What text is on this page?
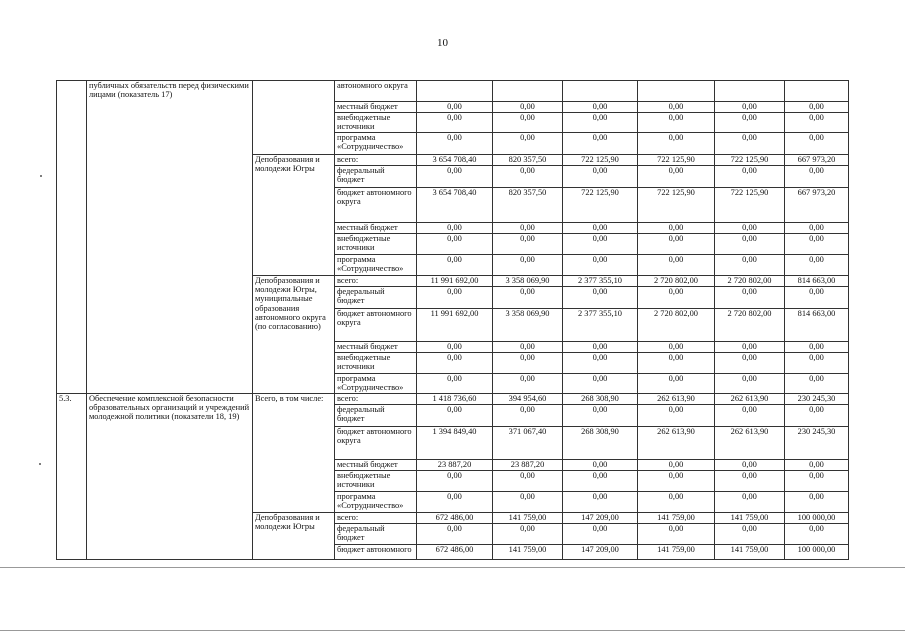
10
	публичных обязательств перед физическими лицами (показатель 17)		автономного округа						
			местный бюджет	0,00	0,00	0,00	0,00	0,00	0,00
			внебюджетные источники	0,00	0,00	0,00	0,00	0,00	0,00
			программа «Сотрудничество»	0,00	0,00	0,00	0,00	0,00	0,00
		Депобразования и молодежи Югры	всего:	3 654 708,40	820 357,50	722 125,90	722 125,90	722 125,90	667 973,20
			федеральный бюджет	0,00	0,00	0,00	0,00	0,00	0,00
			бюджет автономного округа	3 654 708,40	820 357,50	722 125,90	722 125,90	722 125,90	667 973,20
			местный бюджет	0,00	0,00	0,00	0,00	0,00	0,00
			внебюджетные источники	0,00	0,00	0,00	0,00	0,00	0,00
			программа «Сотрудничество»	0,00	0,00	0,00	0,00	0,00	0,00
		Депобразования и молодежи Югры, муниципальные образования автономного округа (по согласованию)	всего:	11 991 692,00	3 358 069,90	2 377 355,10	2 720 802,00	2 720 802,00	814 663,00
			федеральный бюджет	0,00	0,00	0,00	0,00	0,00	0,00
			бюджет автономного округа	11 991 692,00	3 358 069,90	2 377 355,10	2 720 802,00	2 720 802,00	814 663,00
			местный бюджет	0,00	0,00	0,00	0,00	0,00	0,00
			внебюджетные источники	0,00	0,00	0,00	0,00	0,00	0,00
			программа «Сотрудничество»	0,00	0,00	0,00	0,00	0,00	0,00
5.3.	Обеспечение комплексной безопасности образовательных организаций и учреждений молодежной политики (показатели 18, 19)	Всего, в том числе:	всего:	1 418 736,60	394 954,60	268 308,90	262 613,90	262 613,90	230 245,30
			федеральный бюджет	0,00	0,00	0,00	0,00	0,00	0,00
			бюджет автономного округа	1 394 849,40	371 067,40	268 308,90	262 613,90	262 613,90	230 245,30
			местный бюджет	23 887,20	23 887,20	0,00	0,00	0,00	0,00
			внебюджетные источники	0,00	0,00	0,00	0,00	0,00	0,00
			программа «Сотрудничество»	0,00	0,00	0,00	0,00	0,00	0,00
		Депобразования и молодежи Югры	всего:	672 486,00	141 759,00	147 209,00	141 759,00	141 759,00	100 000,00
			федеральный бюджет	0,00	0,00	0,00	0,00	0,00	0,00
			бюджет автономного	672 486,00	141 759,00	147 209,00	141 759,00	141 759,00	100 000,00
